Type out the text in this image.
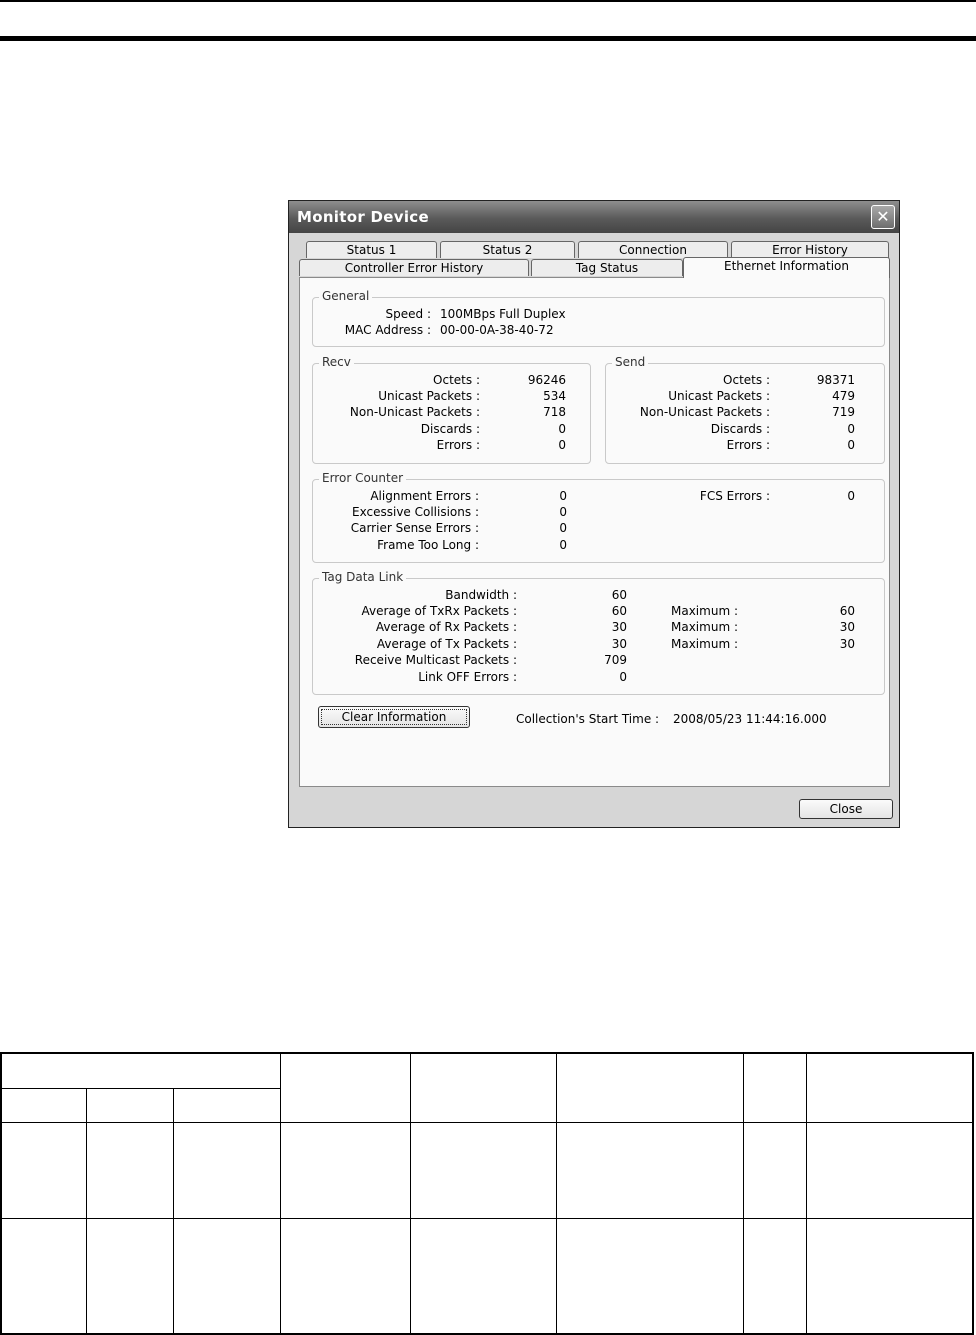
Monitor Device	✕
Status 1	Status 2	Connection	Error History
Controller Error History	Tag Status	Ethernet Information
General
Speed : 100MBps Full Duplex
MAC Address : 00-00-0A-38-40-72
Recv
Octets :	96246
Unicast Packets :	534
Non-Unicast Packets :	718
Discards :	0
Errors :	0
Send
Octets :	98371
Unicast Packets :	479
Non-Unicast Packets :	719
Discards :	0
Errors :	0
Error Counter
Alignment Errors :	0
Excessive Collisions :	0
Carrier Sense Errors :	0
Frame Too Long :	0
FCS Errors :	0
Tag Data Link
Bandwidth :	60
Average of TxRx Packets :	60	Maximum :	60
Average of Rx Packets :	30	Maximum :	30
Average of Tx Packets :	30	Maximum :	30
Receive Multicast Packets :	709
Link OFF Errors :	0
Clear Information	Collection's Start Time : 2008/05/23 11:44:16.000
Close
